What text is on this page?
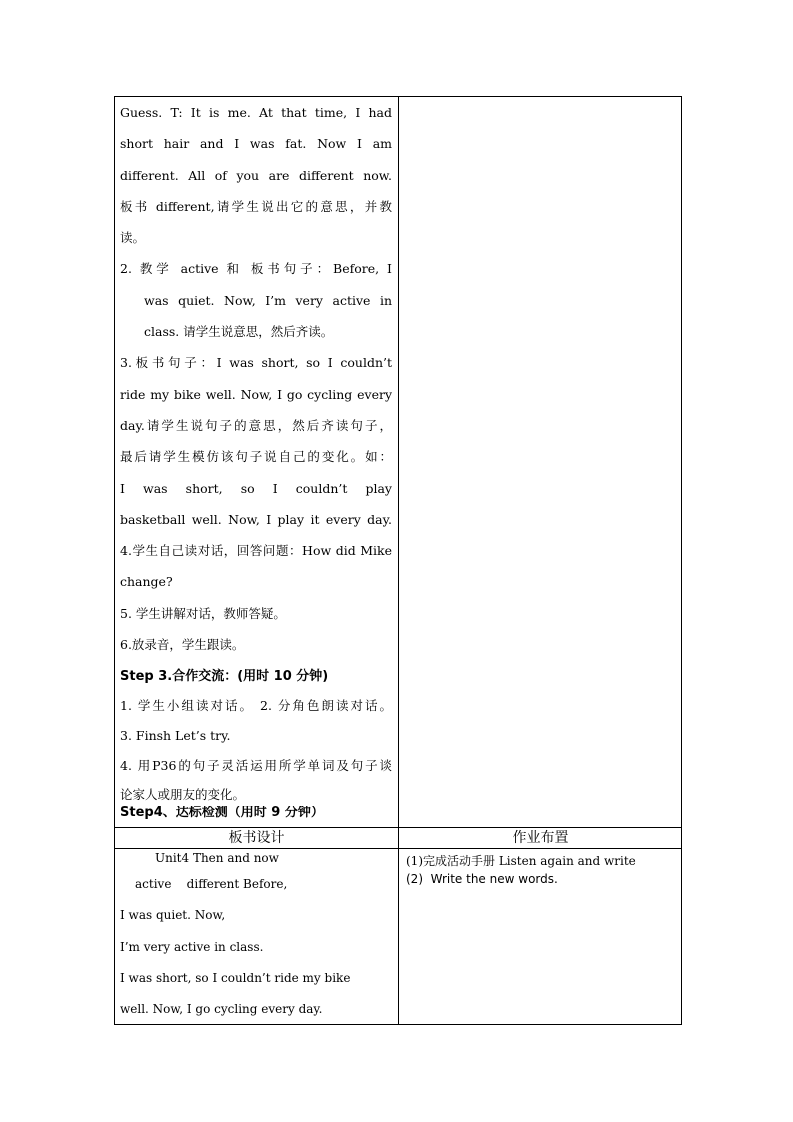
Guess. T: It is me. At that time, I had
short hair and I was fat. Now I am
different. All of you are different now.
板书 different,请学生说出它的意思，并教
读。
2. 教学 active 和 板书句子：Before, I
was quiet. Now, I’m very active in
class. 请学生说意思，然后齐读。
3.板书句子：I was short, so I couldn’t
ride my bike well. Now, I go cycling every
day.请学生说句子的意思，然后齐读句子，
最后请学生模仿该句子说自己的变化。如：
I was short, so I couldn’t play
basketball well. Now, I play it every day.
4.学生自己读对话，回答问题：How did Mike
change?
5. 学生讲解对话，教师答疑。
6.放录音，学生跟读。
Step 3.合作交流：(用时 10 分钟)
1. 学生小组读对话。 2. 分角色朗读对话。
3. Finsh Let’s try.
4. 用P36的句子灵活运用所学单词及句子谈
论家人或朋友的变化。
Step4、达标检测（用时 9 分钟）
板书设计	作业布置
Unit4 Then and now
active    different Before,
I was quiet. Now,
I’m very active in class.
I was short, so I couldn’t ride my bike
well. Now, I go cycling every day.
(1)完成活动手册 Listen again and write
(2)  Write the new words.
